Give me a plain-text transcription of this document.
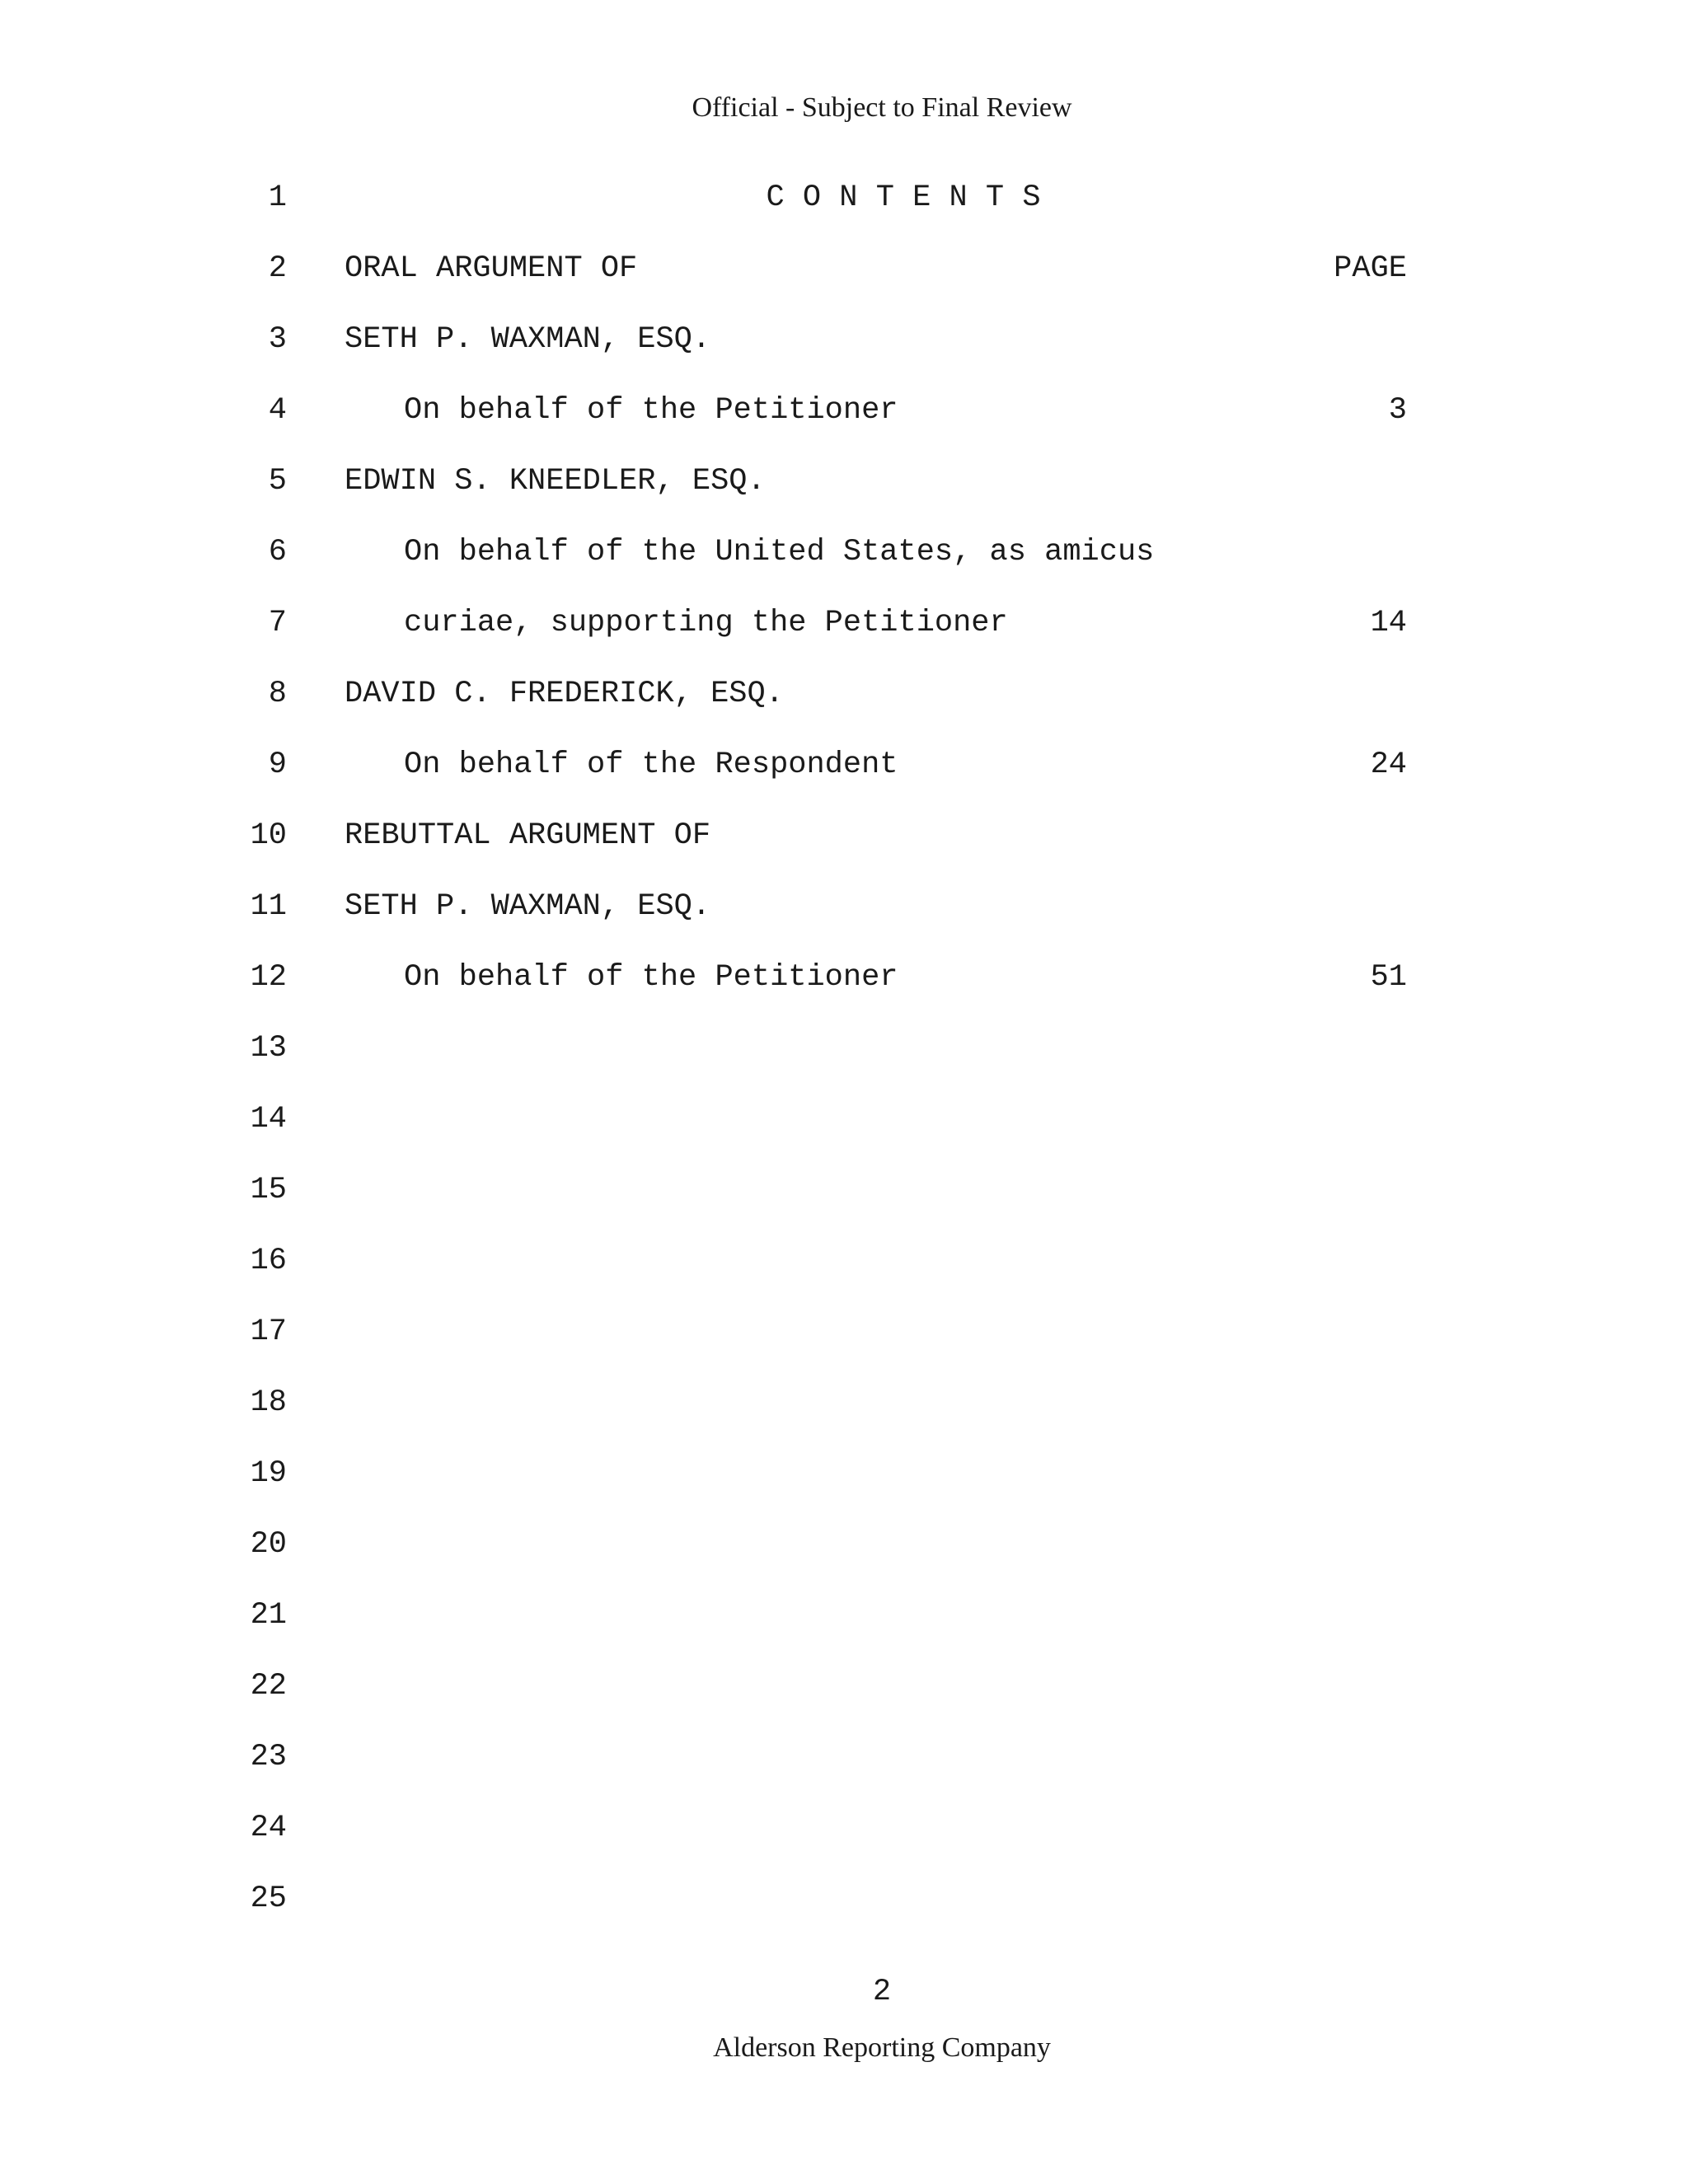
Official - Subject to Final Review
1	C O N T E N T S
2 ORAL ARGUMENT OF	PAGE
3 SETH P. WAXMAN, ESQ.
4	On behalf of the Petitioner	3
5 EDWIN S. KNEEDLER, ESQ.
6	On behalf of the United States, as amicus
7	curiae, supporting the Petitioner	14
8 DAVID C. FREDERICK, ESQ.
9	On behalf of the Respondent	24
10 REBUTTAL ARGUMENT OF
11 SETH P. WAXMAN, ESQ.
12	On behalf of the Petitioner	51
13
14
15
16
17
18
19
20
21
22
23
24
25
2
Alderson Reporting Company
